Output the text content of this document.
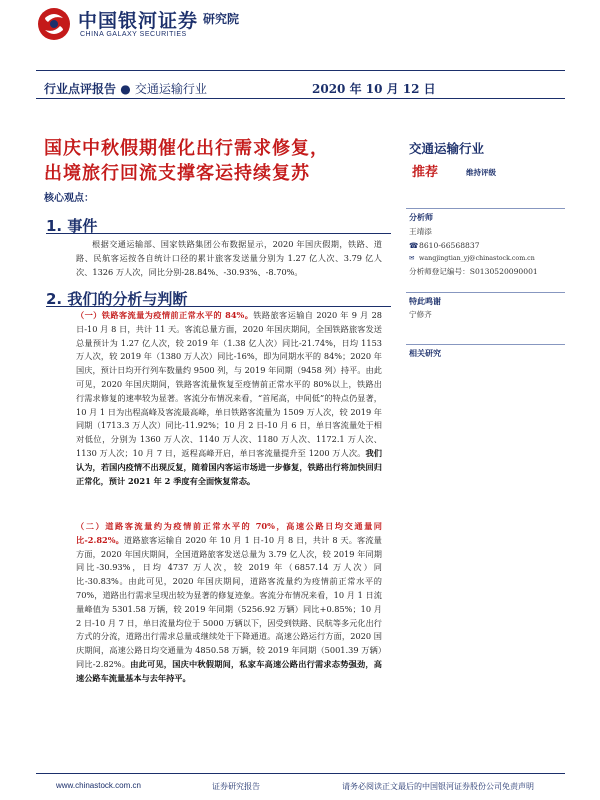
中国银河证券
CHINA GALAXY SECURITIES
研究院
行业点评报告 ● 交通运输行业	2020 年 10 月 12 日
国庆中秋假期催化出行需求修复，
出境旅行回流支撑客运持续复苏
核心观点：
1. 事件
根据交通运输部、国家铁路集团公布数据显示，2020 年国庆假期，铁路、道路、民航客运按各自统计口径的累计旅客发送量分别为 1.27 亿人次、3.79 亿人次、1326 万人次，同比分别-28.84%、-30.93%、-8.70%。
2. 我们的分析与判断
（一）铁路客流量为疫情前正常水平的 84%。铁路旅客运输自 2020 年 9 月 28 日-10 月 8 日，共计 11 天。客流总量方面，2020 年国庆期间，全国铁路旅客发送总量预计为 1.27 亿人次，较 2019 年（1.38 亿人次）同比-21.74%，日均 1153 万人次，较 2019 年（1380 万人次）同比-16%，即为同期水平的 84%；2020 年国庆，预计日均开行列车数量约 9500 列，与 2019 年同期（9458 列）持平。由此可见，2020 年国庆期间，铁路客流量恢复至疫情前正常水平的 80%以上，铁路出行需求修复的速率较为显著。客流分布情况来看，“首尾高，中间低”的特点仍显著，10 月 1 日为出程高峰及客流最高峰，单日铁路客流量为 1509 万人次，较 2019 年同期（1713.3 万人次）同比-11.92%；10 月 2 日-10 月 6 日，单日客流量处于相对低位，分别为 1360 万人次、1140 万人次、1180 万人次、1172.1 万人次、1130 万人次；10 月 7 日，返程高峰开启，单日客流量提升至 1200 万人次。我们认为，若国内疫情不出现反复，随着国内客运市场进一步修复，铁路出行将加快回归正常化，预计 2021 年 2 季度有全面恢复常态。
（二）道路客流量约为疫情前正常水平的 70%，高速公路日均交通量同比-2.82%。道路旅客运输自 2020 年 10 月 1 日-10 月 8 日，共计 8 天。客流量方面，2020 年国庆期间，全国道路旅客发送总量为 3.79 亿人次，较 2019 年同期同比-30.93%，日均 4737 万人次，较 2019 年（6857.14 万人次）同比-30.83%。由此可见，2020 年国庆期间，道路客流量约为疫情前正常水平的 70%，道路出行需求呈现出较为显著的修复迹象。客流分布情况来看，10 月 1 日流量峰值为 5301.58 万辆，较 2019 年同期（5256.92 万辆）同比+0.85%；10 月 2 日-10 月 7 日，单日流量均位于 5000 万辆以下，因受到铁路、民航等多元化出行方式的分流，道路出行需求总量或继续处于下降通道。高速公路运行方面，2020 国庆期间，高速公路日均交通量为 4850.58 万辆，较 2019 年同期（5001.39 万辆）同比-2.82%。由此可见，国庆中秋假期间，私家车高速公路出行需求态势强劲，高速公路车流量基本与去年持平。
交通运输行业
推荐	维持评级
分析师
王靖添
☎8610-66568837
✉ wangjingtian_yj@chinastock.com.cn
分析师登记编号：S0130520090001
特此鸣谢
宁修齐
相关研究
www.chinastock.com.cn	证券研究报告	请务必阅读正文最后的中国银河证券股份公司免责声明
